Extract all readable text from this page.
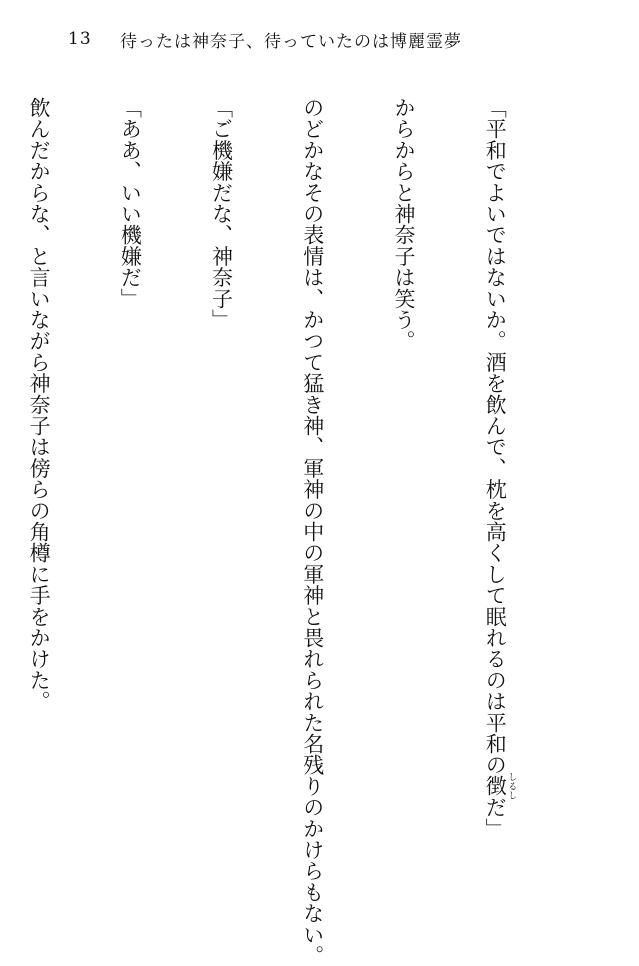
13	待ったは神奈子、待っていたのは博麗霊夢

「平和でよいではないか。酒を飲んで、枕を高くして眠れるのは平和の徴 しるしだ」

からからと神奈子は笑う。

のどかなその表情は、かつて猛き神、軍神の中の軍神と畏れられた名残りのかけらもない。

「ご機嫌だな、神奈子」

「ああ、いい機嫌だ」

飲んだからな、と言いながら神奈子は傍らの角樽に手をかけた。
